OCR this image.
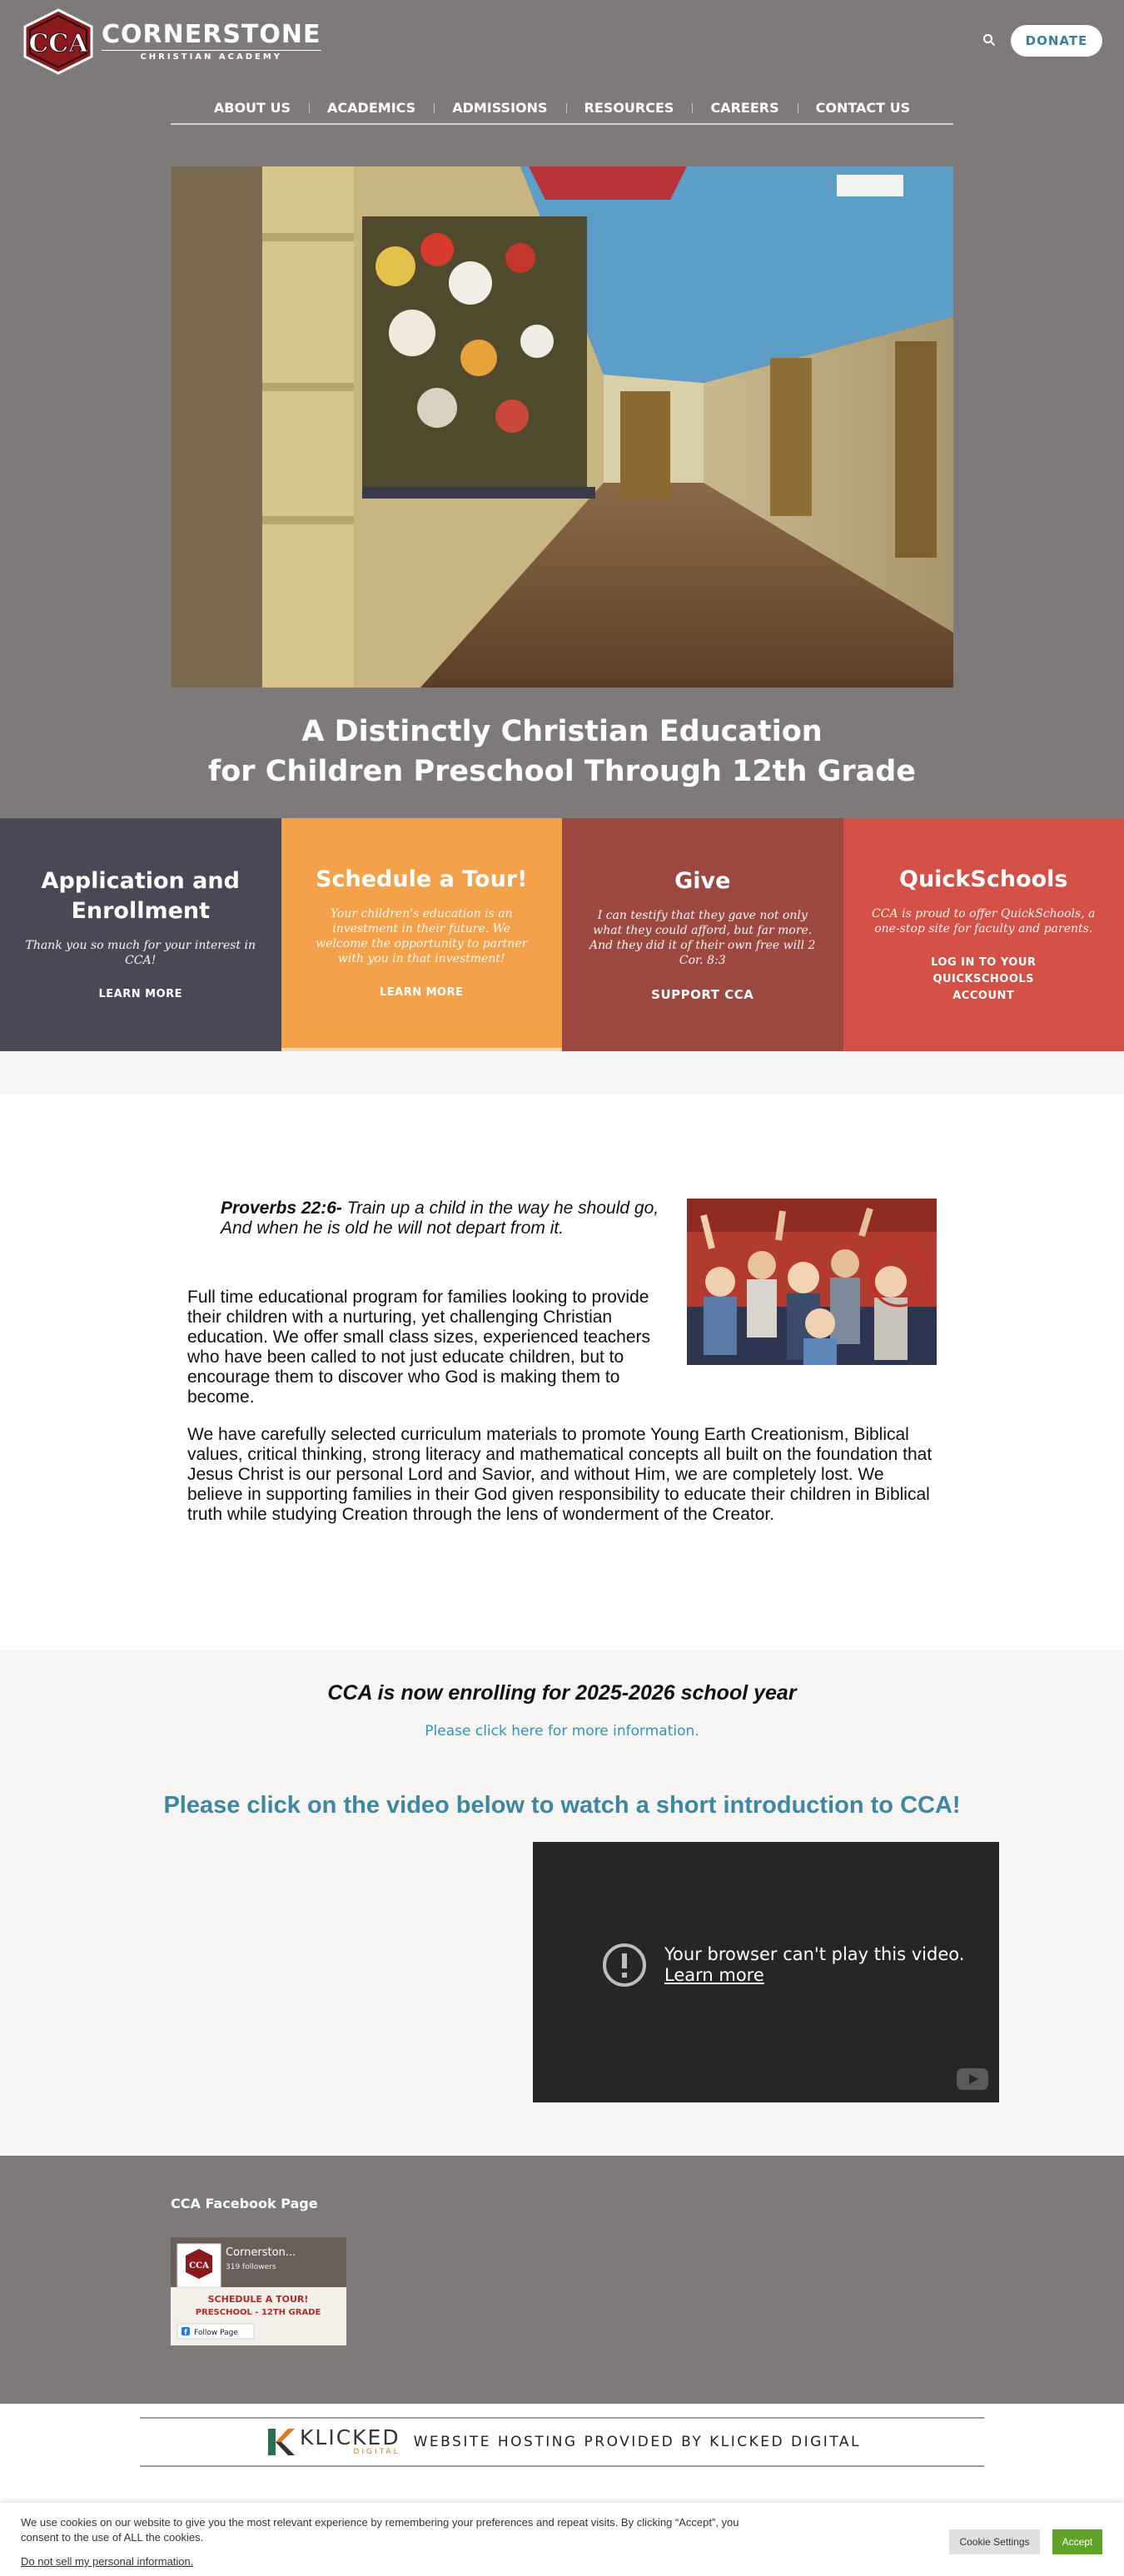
CCA CORNERSTONE
CHRISTIAN ACADEMY
DONATE
ABOUT US	ACADEMICS	ADMISSIONS	RESOURCES	CAREERS	CONTACT US
A Distinctly Christian Education
for Children Preschool Through 12th Grade
Application and Enrollment

Thank you so much for your interest in CCA!

LEARN MORE
Schedule a Tour!

Your children's education is an investment in their future. We welcome the opportunity to partner with you in that investment!

LEARN MORE
Give

I can testify that they gave not only what they could afford, but far more. And they did it of their own free will 2 Cor. 8:3

SUPPORT CCA
QuickSchools

CCA is proud to offer QuickSchools, a one-stop site for faculty and parents.

LOG IN TO YOUR QUICKSCHOOLS ACCOUNT
Proverbs 22:6- Train up a child in the way he should go, And when he is old he will not depart from it.
Full time educational program for families looking to provide their children with a nurturing, yet challenging Christian education. We offer small class sizes, experienced teachers who have been called to not just educate children, but to encourage them to discover who God is making them to become.
We have carefully selected curriculum materials to promote Young Earth Creationism, Biblical values, critical thinking, strong literacy and mathematical concepts all built on the foundation that Jesus Christ is our personal Lord and Savior, and without Him, we are completely lost. We believe in supporting families in their God given responsibility to educate their children in Biblical truth while studying Creation through the lens of wonderment of the Creator.
CCA is now enrolling for 2025-2026 school year
Please click here for more information.
Please click on the video below to watch a short introduction to CCA!
Your browser can't play this video.
Learn more
CCA Facebook Page
CCA
Cornerston...
319 followers
SCHEDULE A TOUR!
PRESCHOOL - 12TH GRADE
f Follow Page
KLICKED
DIGITAL
WEBSITE HOSTING PROVIDED BY KLICKED DIGITAL
We use cookies on our website to give you the most relevant experience by remembering your preferences and repeat visits. By clicking “Accept”, you consent to the use of ALL the cookies.
Do not sell my personal information.
Cookie Settings	Accept
